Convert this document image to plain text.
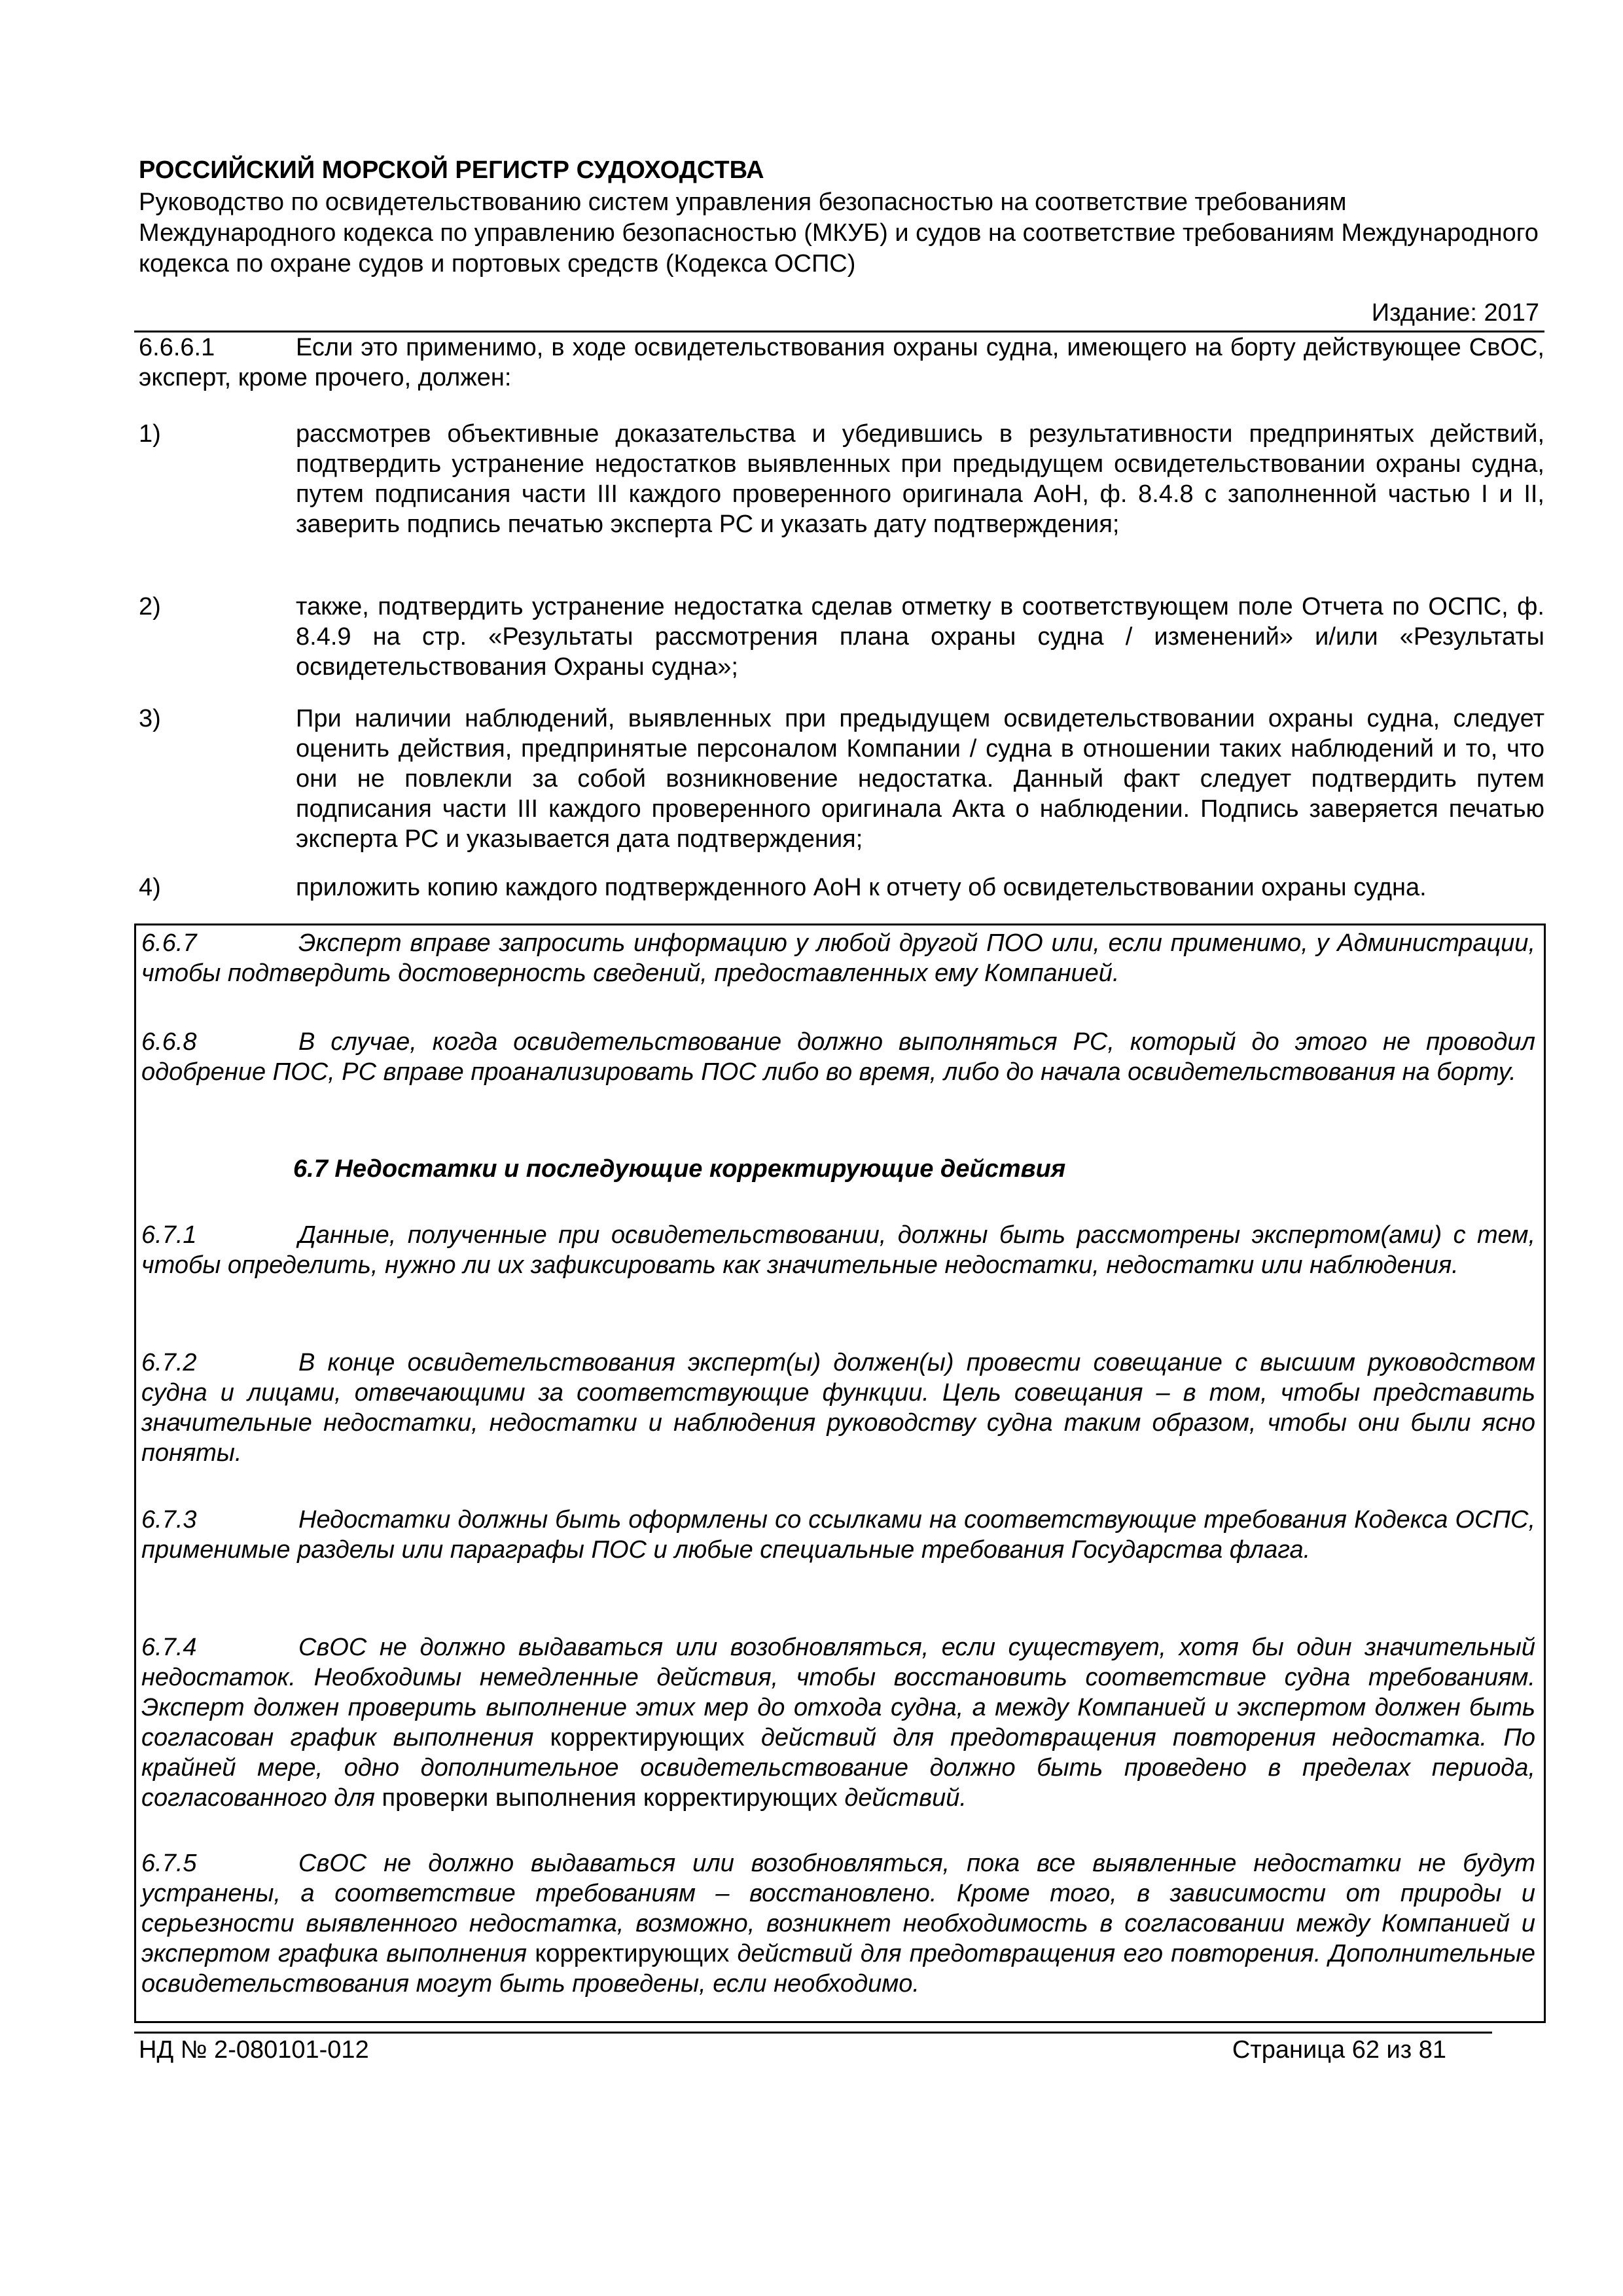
РОССИЙСКИЙ МОРСКОЙ РЕГИСТР СУДОХОДСТВА
Руководство по освидетельствованию систем управления безопасностью на соответствие требованиям Международного кодекса по управлению безопасностью (МКУБ) и судов на соответствие требованиям Международного кодекса по охране судов и портовых средств (Кодекса ОСПС)
Издание: 2017
6.6.6.1	Если это применимо, в ходе освидетельствования охраны судна, имеющего на борту действующее СвОС, эксперт, кроме прочего, должен:
1)	рассмотрев объективные доказательства и убедившись в результативности предпринятых действий, подтвердить устранение недостатков выявленных при предыдущем освидетельствовании охраны судна, путем подписания части III каждого проверенного оригинала АоН, ф. 8.4.8 с заполненной частью I и II, заверить подпись печатью эксперта РС и указать дату подтверждения;
2)	также, подтвердить устранение недостатка сделав отметку в соответствующем поле Отчета по ОСПС, ф. 8.4.9 на стр. «Результаты рассмотрения плана охраны судна / изменений» и/или «Результаты освидетельствования Охраны судна»;
3)	При наличии наблюдений, выявленных при предыдущем освидетельствовании охраны судна, следует оценить действия, предпринятые персоналом Компании / судна в отношении таких наблюдений и то, что они не повлекли за собой возникновение недостатка. Данный факт следует подтвердить путем подписания части III каждого проверенного оригинала Акта о наблюдении. Подпись заверяется печатью эксперта РС и указывается дата подтверждения;
4)	приложить копию каждого подтвержденного АоН к отчету об освидетельствовании охраны судна.
6.6.7	Эксперт вправе запросить информацию у любой другой ПОО или, если применимо, у Администрации, чтобы подтвердить достоверность сведений, предоставленных ему Компанией.
6.6.8	В случае, когда освидетельствование должно выполняться РС, который до этого не проводил одобрение ПОС, РС вправе проанализировать ПОС либо во время, либо до начала освидетельствования на борту.
6.7 Недостатки и последующие корректирующие действия
6.7.1	Данные, полученные при освидетельствовании, должны быть рассмотрены экспертом(ами) с тем, чтобы определить, нужно ли их зафиксировать как значительные недостатки, недостатки или наблюдения.
6.7.2	В конце освидетельствования эксперт(ы) должен(ы) провести совещание с высшим руководством судна и лицами, отвечающими за соответствующие функции. Цель совещания – в том, чтобы представить значительные недостатки, недостатки и наблюдения руководству судна таким образом, чтобы они были ясно поняты.
6.7.3	Недостатки должны быть оформлены со ссылками на соответствующие требования Кодекса ОСПС, применимые разделы или параграфы ПОС и любые специальные требования Государства флага.
6.7.4	СвОС не должно выдаваться или возобновляться, если существует, хотя бы один значительный недостаток. Необходимы немедленные действия, чтобы восстановить соответствие судна требованиям. Эксперт должен проверить выполнение этих мер до отхода судна, а между Компанией и экспертом должен быть согласован график выполнения корректирующих действий для предотвращения повторения недостатка. По крайней мере, одно дополнительное освидетельствование должно быть проведено в пределах периода, согласованного для проверки выполнения корректирующих действий.
6.7.5	СвОС не должно выдаваться или возобновляться, пока все выявленные недостатки не будут устранены, а соответствие требованиям – восстановлено. Кроме того, в зависимости от природы и серьезности выявленного недостатка, возможно, возникнет необходимость в согласовании между Компанией и экспертом графика выполнения корректирующих действий для предотвращения его повторения. Дополнительные освидетельствования могут быть проведены, если необходимо.
НД № 2-080101-012	Страница 62 из 81
